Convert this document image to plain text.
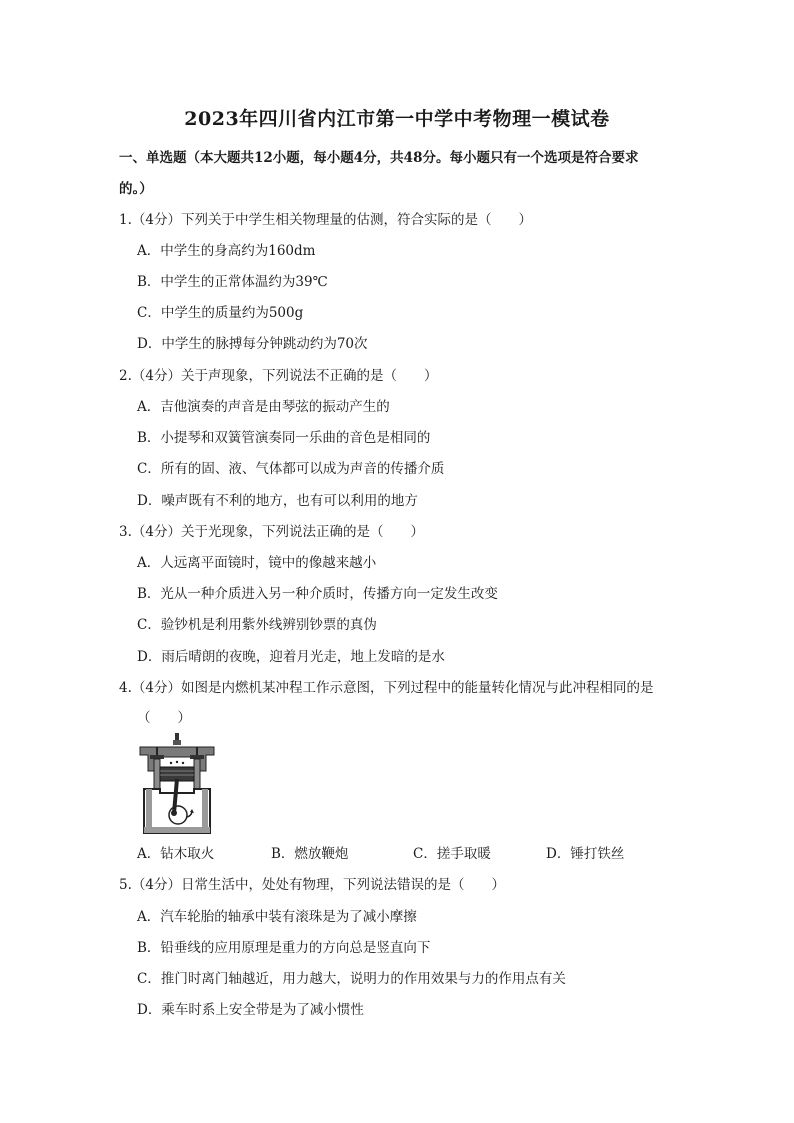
2023年四川省内江市第一中学中考物理一模试卷
一、单选题（本大题共12小题，每小题4分，共48分。每小题只有一个选项是符合要求
的。）
1.（4分）下列关于中学生相关物理量的估测，符合实际的是（　　）
A．中学生的身高约为160dm
B．中学生的正常体温约为39℃
C．中学生的质量约为500g
D．中学生的脉搏每分钟跳动约为70次
2.（4分）关于声现象，下列说法不正确的是（　　）
A．吉他演奏的声音是由琴弦的振动产生的
B．小提琴和双簧管演奏同一乐曲的音色是相同的
C．所有的固、液、气体都可以成为声音的传播介质
D．噪声既有不利的地方，也有可以利用的地方
3.（4分）关于光现象，下列说法正确的是（　　）
A．人远离平面镜时，镜中的像越来越小
B．光从一种介质进入另一种介质时，传播方向一定发生改变
C．验钞机是利用紫外线辨别钞票的真伪
D．雨后晴朗的夜晚，迎着月光走，地上发暗的是水
4.（4分）如图是内燃机某冲程工作示意图，下列过程中的能量转化情况与此冲程相同的是
（　　）
A．钻木取火	B．燃放鞭炮	C．搓手取暖	D．锤打铁丝
5.（4分）日常生活中，处处有物理，下列说法错误的是（　　）
A．汽车轮胎的轴承中装有滚珠是为了减小摩擦
B．铅垂线的应用原理是重力的方向总是竖直向下
C．推门时离门轴越近，用力越大，说明力的作用效果与力的作用点有关
D．乘车时系上安全带是为了减小惯性
